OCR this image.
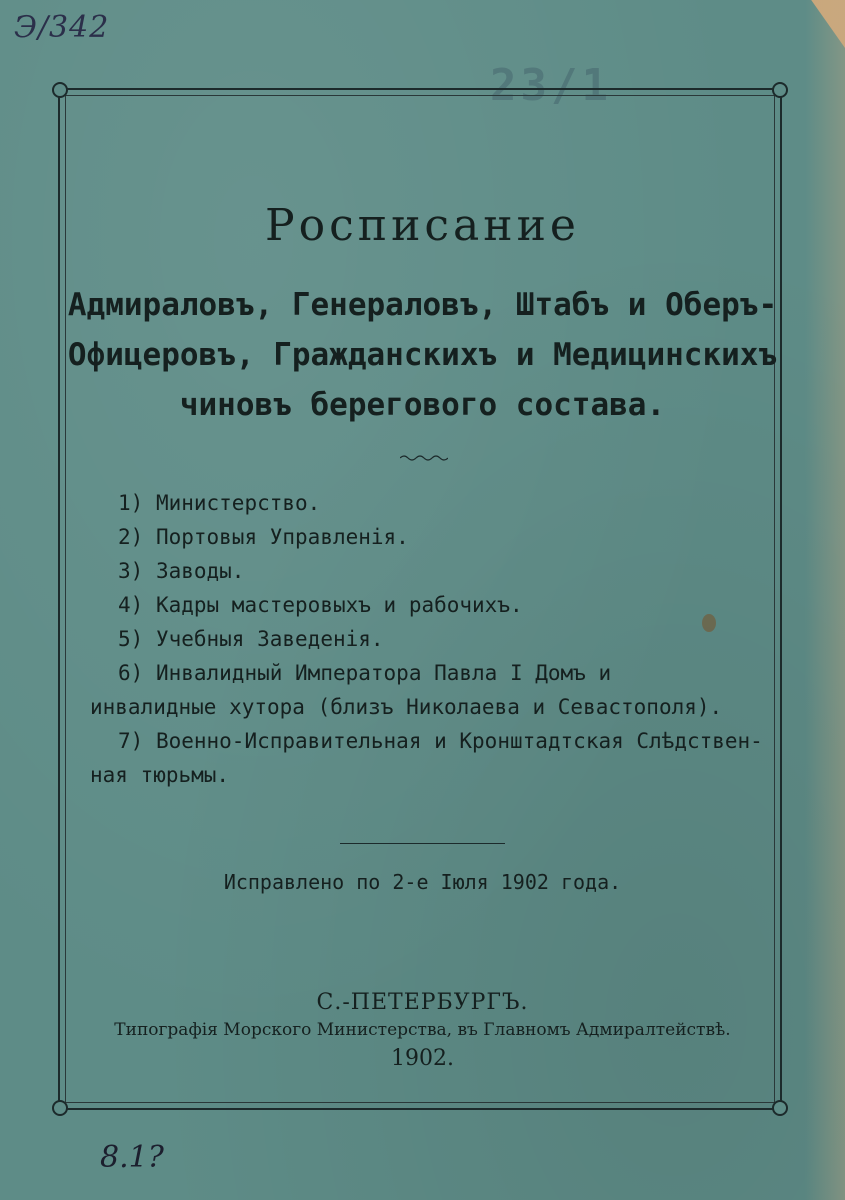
Э/342
23/1
Росписание
Адмираловъ, Генераловъ, Штабъ и Оберъ-
Офицеровъ, Гражданскихъ и Медицинскихъ
чиновъ берегового состава.
1) Министерство.
2) Портовыя Управленія.
3) Заводы.
4) Кадры мастеровыхъ и рабочихъ.
5) Учебныя Заведенія.
6) Инвалидный Императора Павла I Домъ и
инвалидные хутора (близъ Николаева и Севастополя).
7) Военно-Исправительная и Кронштадтская Слѣдствен-
ная тюрьмы.
Исправлено по 2-е Іюля 1902 года.
С.-ПЕТЕРБУРГЪ.
Типографія Морского Министерства, въ Главномъ Адмиралтействѣ.
1902.
8.1?
